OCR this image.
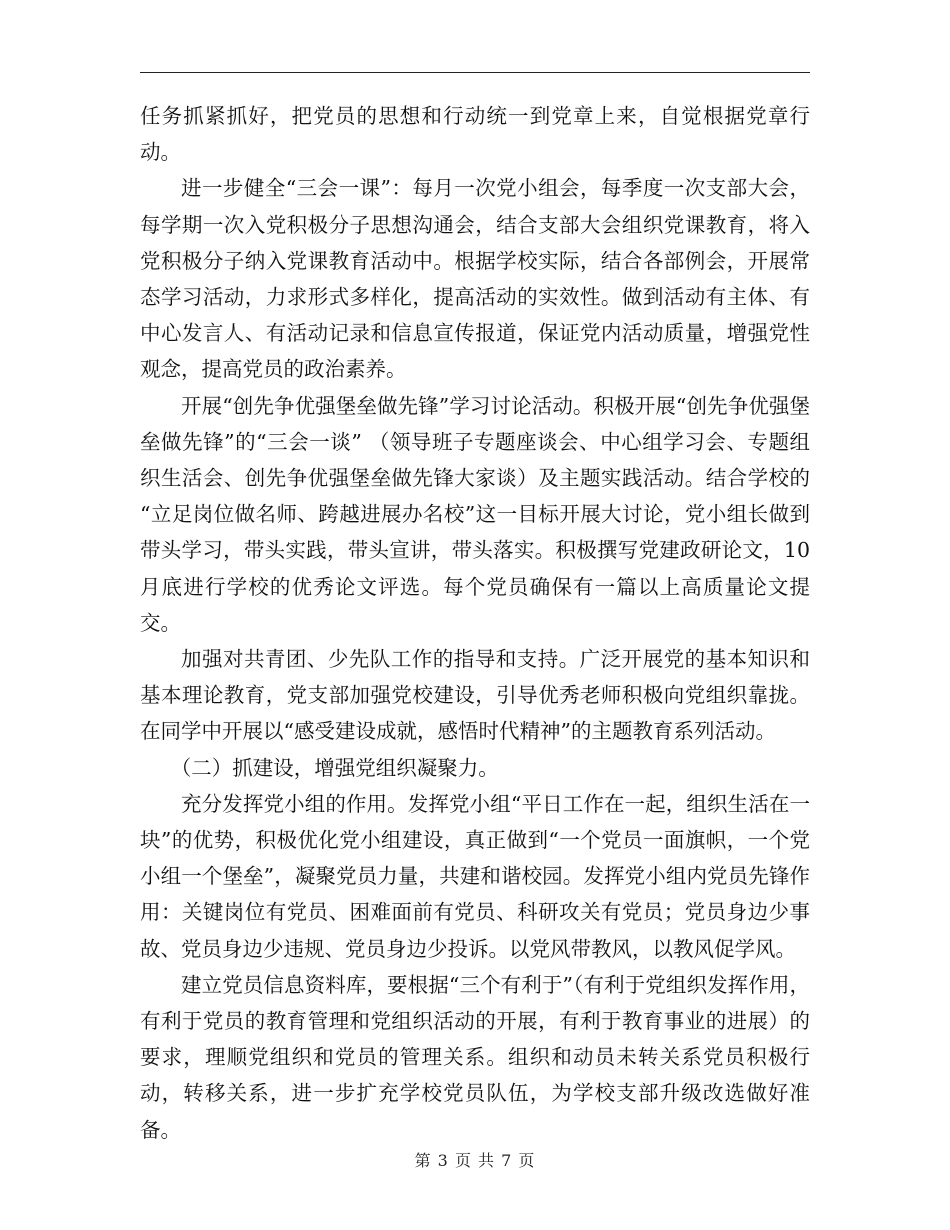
任务抓紧抓好，把党员的思想和行动统一到党章上来，自觉根据党章行动。

进一步健全“三会一课”：每月一次党小组会，每季度一次支部大会，每学期一次入党积极分子思想沟通会，结合支部大会组织党课教育，将入党积极分子纳入党课教育活动中。根据学校实际，结合各部例会，开展常态学习活动，力求形式多样化，提高活动的实效性。做到活动有主体、有中心发言人、有活动记录和信息宣传报道，保证党内活动质量，增强党性观念，提高党员的政治素养。

开展“创先争优强堡垒做先锋”学习讨论活动。积极开展“创先争优强堡垒做先锋”的“三会一谈” （领导班子专题座谈会、中心组学习会、专题组织生活会、创先争优强堡垒做先锋大家谈）及主题实践活动。结合学校的 “立足岗位做名师、跨越进展办名校”这一目标开展大讨论，党小组长做到带头学习，带头实践，带头宣讲，带头落实。积极撰写党建政研论文，10月底进行学校的优秀论文评选。每个党员确保有一篇以上高质量论文提交。

加强对共青团、少先队工作的指导和支持。广泛开展党的基本知识和基本理论教育，党支部加强党校建设，引导优秀老师积极向党组织靠拢。在同学中开展以“感受建设成就，感悟时代精神”的主题教育系列活动。

（二）抓建设，增强党组织凝聚力。

充分发挥党小组的作用。发挥党小组“平日工作在一起，组织生活在一块”的优势，积极优化党小组建设，真正做到“一个党员一面旗帜，一个党小组一个堡垒”，凝聚党员力量，共建和谐校园。发挥党小组内党员先锋作用：关键岗位有党员、困难面前有党员、科研攻关有党员；党员身边少事故、党员身边少违规、党员身边少投诉。以党风带教风，以教风促学风。

建立党员信息资料库，要根据“三个有利于”（有利于党组织发挥作用，有利于党员的教育管理和党组织活动的开展，有利于教育事业的进展）的要求，理顺党组织和党员的管理关系。组织和动员未转关系党员积极行动，转移关系，进一步扩充学校党员队伍，为学校支部升级改选做好准备。

第 3 页 共 7 页
